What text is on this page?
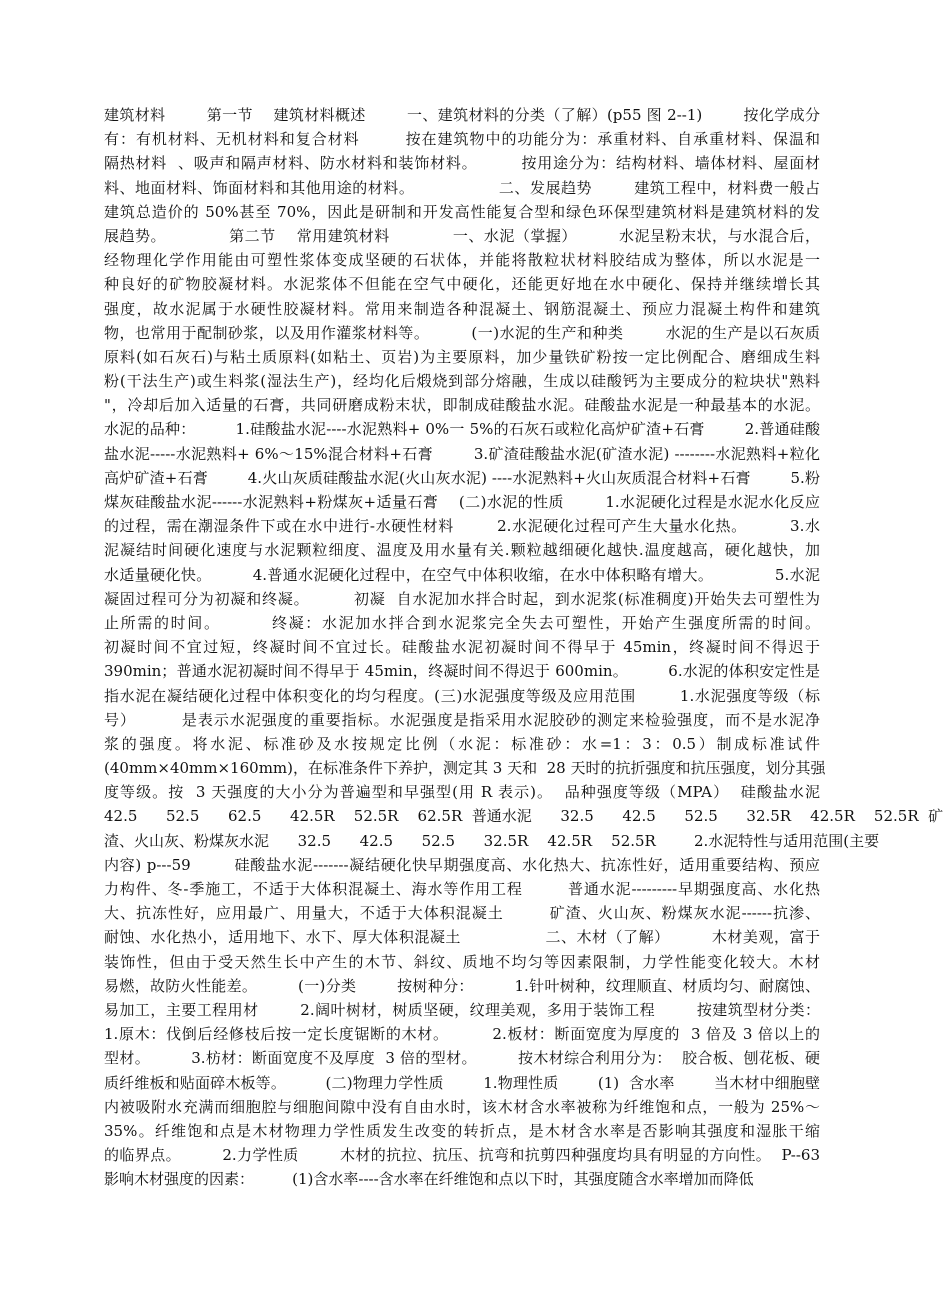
建筑材料        第一节    建筑材料概述        一、建筑材料的分类（了解）(p55 图 2--1)        按化学成分
有：有机材料、无机材料和复合材料        按在建筑物中的功能分为：承重材料、自承重材料、保温和
隔热材料  、吸声和隔声材料、防水材料和装饰材料。        按用途分为：结构材料、墙体材料、屋面材
料、地面材料、饰面材料和其他用途的材料。                二、发展趋势        建筑工程中，材料费一般占
建筑总造价的 50%甚至 70%，因此是研制和开发高性能复合型和绿色环保型建筑材料是建筑材料的发
展趋势。            第二节    常用建筑材料            一、水泥（掌握）        水泥呈粉末状，与水混合后，
经物理化学作用能由可塑性浆体变成坚硬的石状体，并能将散粒状材料胶结成为整体，所以水泥是一
种良好的矿物胶凝材料。水泥浆体不但能在空气中硬化，还能更好地在水中硬化、保持并继续增长其
强度，故水泥属于水硬性胶凝材料。常用来制造各种混凝土、钢筋混凝土、预应力混凝土构件和建筑
物，也常用于配制砂浆，以及用作灌浆材料等。        (一)水泥的生产和种类        水泥的生产是以石灰质
原料(如石灰石)与粘土质原料(如粘土、页岩)为主要原料，加少量铁矿粉按一定比例配合、磨细成生料
粉(干法生产)或生料浆(湿法生产)，经均化后煅烧到部分熔融，生成以硅酸钙为主要成分的粒块状"熟料
"，冷却后加入适量的石膏，共同研磨成粉末状，即制成硅酸盐水泥。硅酸盐水泥是一种最基本的水泥。
水泥的品种：        1.硅酸盐水泥----水泥熟料+ 0%一 5%的石灰石或粒化高炉矿渣+石膏        2.普通硅酸
盐水泥-----水泥熟料+ 6%～15%混合材料+石膏        3.矿渣硅酸盐水泥(矿渣水泥) --------水泥熟料+粒化
高炉矿渣+石膏        4.火山灰质硅酸盐水泥(火山灰水泥) ----水泥熟料+火山灰质混合材料+石膏        5.粉
煤灰硅酸盐水泥------水泥熟料+粉煤灰+适量石膏    (二)水泥的性质        1.水泥硬化过程是水泥水化反应
的过程，需在潮湿条件下或在水中进行-水硬性材料        2.水泥硬化过程可产生大量水化热。        3.水
泥凝结时间硬化速度与水泥颗粒细度、温度及用水量有关.颗粒越细硬化越快.温度越高，硬化越快，加
水适量硬化快。        4.普通水泥硬化过程中，在空气中体积收缩，在水中体积略有增大。            5.水泥
凝固过程可分为初凝和终凝。        初凝  自水泥加水拌合时起，到水泥浆(标准稠度)开始失去可塑性为
止所需的时间。        终凝：水泥加水拌合到水泥浆完全失去可塑性，开始产生强度所需的时间。
初凝时间不宜过短，终凝时间不宜过长。硅酸盐水泥初凝时间不得早于 45min，终凝时间不得迟于
390min；普通水泥初凝时间不得早于 45min，终凝时间不得迟于 600min。        6.水泥的体积安定性是
指水泥在凝结硬化过程中体积变化的均匀程度。(三)水泥强度等级及应用范围        1.水泥强度等级（标
号）        是表示水泥强度的重要指标。水泥强度是指采用水泥胶砂的测定来检验强度，而不是水泥净
浆的强度。将水泥、标准砂及水按规定比例（水泥：标准砂：水=1：3：0.5）制成标准试件
(40mm×40mm×160mm)，在标准条件下养护，测定其 3 天和  28 天时的抗折强度和抗压强度，划分其强
度等级。按  3 天强度的大小分为普遍型和早强型(用 R 表示)。  品种强度等级（MPA）  硅酸盐水泥
42.5      52.5      62.5      42.5R    52.5R    62.5R  普通水泥      32.5      42.5      52.5      32.5R    42.5R    52.5R  矿
渣、火山灰、粉煤灰水泥      32.5      42.5      52.5      32.5R    42.5R    52.5R        2.水泥特性与适用范围(主要
内容) p---59        硅酸盐水泥-------凝结硬化快早期强度高、水化热大、抗冻性好，适用重要结构、预应
力构件、冬-季施工，不适于大体积混凝土、海水等作用工程        普通水泥---------早期强度高、水化热
大、抗冻性好，应用最广、用量大，不适于大体积混凝土        矿渣、火山灰、粉煤灰水泥------抗渗、
耐蚀、水化热小，适用地下、水下、厚大体积混凝土                二、木材（了解）        木材美观，富于
装饰性，但由于受天然生长中产生的木节、斜纹、质地不均匀等因素限制，力学性能变化较大。木材
易燃，故防火性能差。        (一)分类        按树种分：        1.针叶树种，纹理顺直、材质均匀、耐腐蚀、
易加工，主要工程用材        2.阔叶树材，树质坚硬，纹理美观，多用于装饰工程        按建筑型材分类：
1.原木：伐倒后经修枝后按一定长度锯断的木材。        2.板材：断面宽度为厚度的  3 倍及 3 倍以上的
型材。        3.枋材：断面宽度不及厚度  3 倍的型材。        按木材综合利用分为：  胶合板、刨花板、硬
质纤维板和贴面碎木板等。        (二)物理力学性质        1.物理性质        (1)  含水率        当木材中细胞壁
内被吸附水充满而细胞腔与细胞间隙中没有自由水时，该木材含水率被称为纤维饱和点，一般为 25%～
35%。纤维饱和点是木材物理力学性质发生改变的转折点，是木材含水率是否影响其强度和湿胀干缩
的临界点。        2.力学性质        木材的抗拉、抗压、抗弯和抗剪四种强度均具有明显的方向性。  P--63
影响木材强度的因素：        (1)含水率----含水率在纤维饱和点以下时，其强度随含水率增加而降低
